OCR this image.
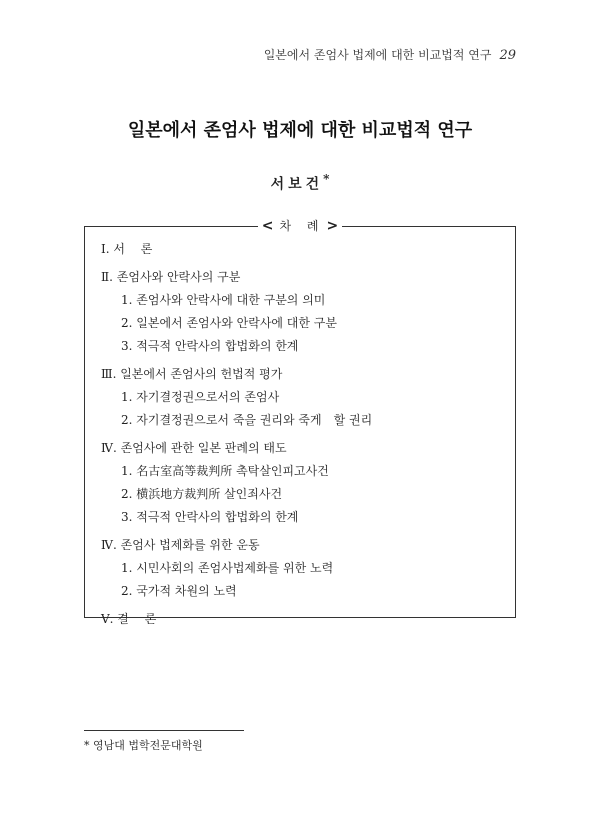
일본에서 존엄사 법제에 대한 비교법적 연구 29
일본에서 존엄사 법제에 대한 비교법적 연구
서보건*
< 차 례 >
Ⅰ. 서　 론
Ⅱ. 존엄사와 안락사의 구분
1. 존엄사와 안락사에 대한 구분의 의미
2. 일본에서 존엄사와 안락사에 대한 구분
3. 적극적 안락사의 합법화의 한계
Ⅲ. 일본에서 존엄사의 헌법적 평가
1. 자기결정권으로서의 존엄사
2. 자기결정권으로서 죽을 권리와 죽게　할 권리
Ⅳ. 존엄사에 관한 일본 판례의 태도
1. 名古室高等裁判所 촉탁살인피고사건
2. 横浜地方裁判所 살인죄사건
3. 적극적 안락사의 합법화의 한계
Ⅳ. 존엄사 법제화를 위한 운동
1. 시민사회의 존엄사법제화를 위한 노력
2. 국가적 차원의 노력
Ⅴ. 결　 론
* 영남대 법학전문대학원
